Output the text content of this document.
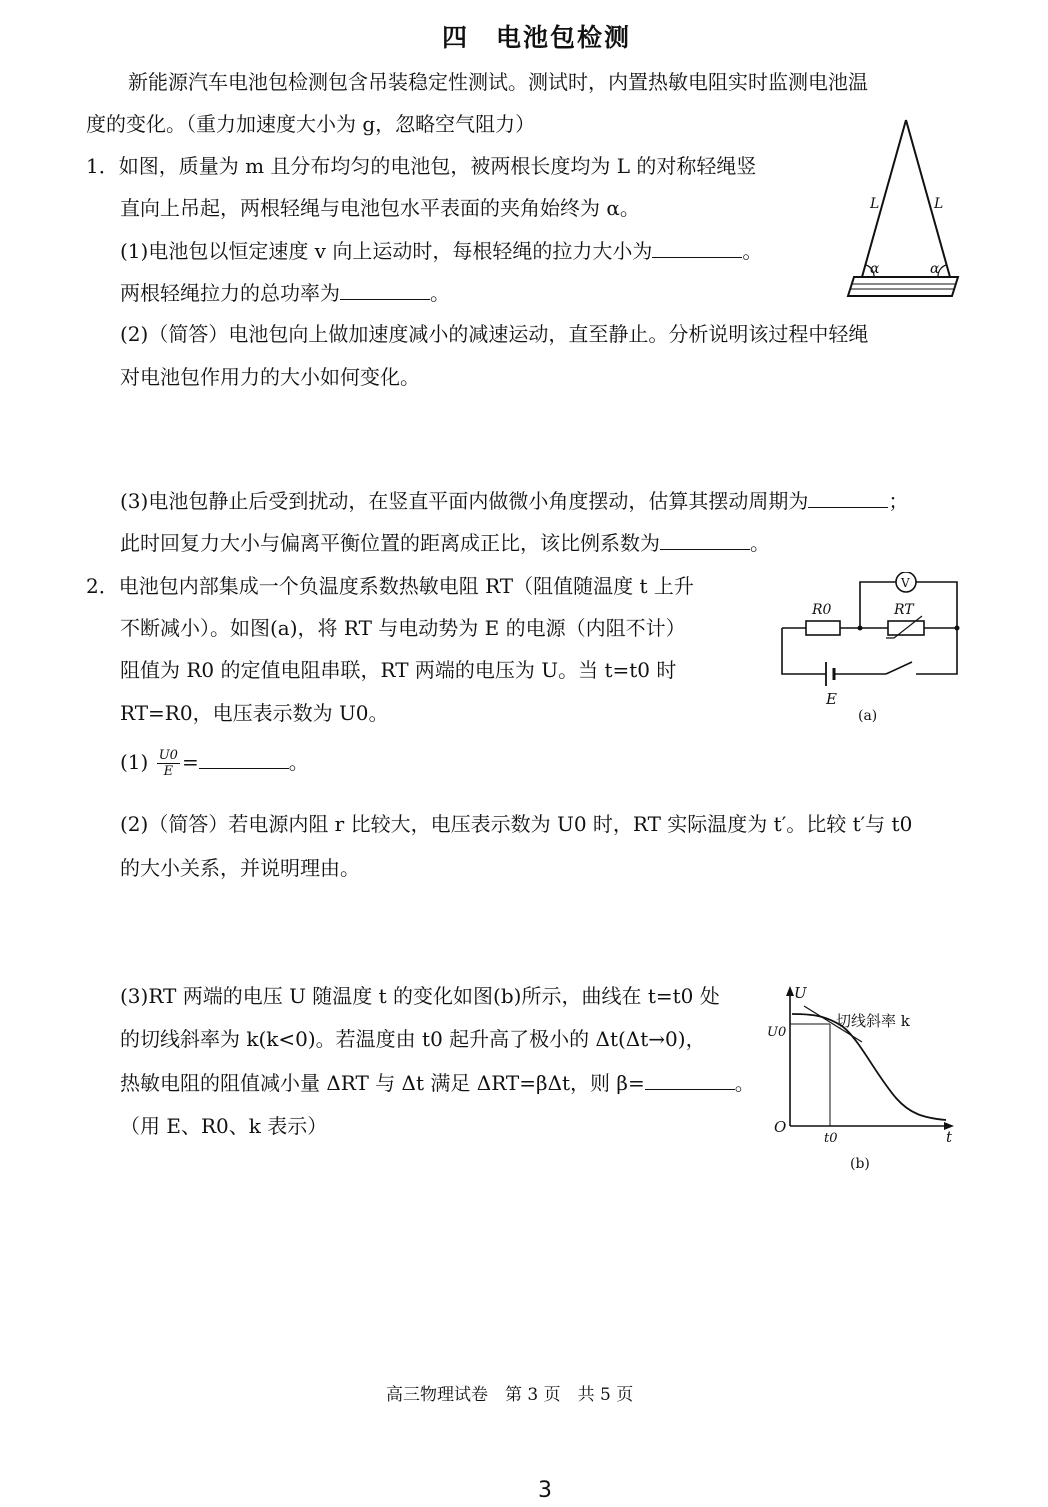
四　电池包检测
新能源汽车电池包检测包含吊装稳定性测试。测试时，内置热敏电阻实时监测电池温
度的变化。（重力加速度大小为 g，忽略空气阻力）
1．如图，质量为 m 且分布均匀的电池包，被两根长度均为 L 的对称轻绳竖
直向上吊起，两根轻绳与电池包水平表面的夹角始终为 α。
(1)电池包以恒定速度 v 向上运动时，每根轻绳的拉力大小为	。
两根轻绳拉力的总功率为	。
(2)（简答）电池包向上做加速度减小的减速运动，直至静止。分析说明该过程中轻绳
对电池包作用力的大小如何变化。
(3)电池包静止后受到扰动，在竖直平面内做微小角度摆动，估算其摆动周期为	；
此时回复力大小与偏离平衡位置的距离成正比，该比例系数为	。
L	L
α	α
2．电池包内部集成一个负温度系数热敏电阻 RT（阻值随温度 t 上升
不断减小）。如图(a)，将 RT 与电动势为 E 的电源（内阻不计）
阻值为 R0 的定值电阻串联，RT 两端的电压为 U。当 t=t0 时
RT=R0，电压表示数为 U0。
$(1) \frac{U0}{E}$ =	。
(2)（简答）若电源内阻 r 比较大，电压表示数为 U0 时，RT 实际温度为 t′。比较 t′与 t0
的大小关系，并说明理由。
(3)RT 两端的电压 U 随温度 t 的变化如图(b)所示，曲线在 t=t0 处
的切线斜率为 k(k<0)。若温度由 t0 起升高了极小的 Δt(Δt→0)，
热敏电阻的阻值减小量 ΔRT 与 Δt 满足 ΔRT=βΔt，则 β=	。
（用 E、R0、k 表示）
V
R0	RT
E
(a)
U
t
O
U0
t0
切线斜率 k
(b)
高三物理试卷　第 3 页　共 5 页
3
